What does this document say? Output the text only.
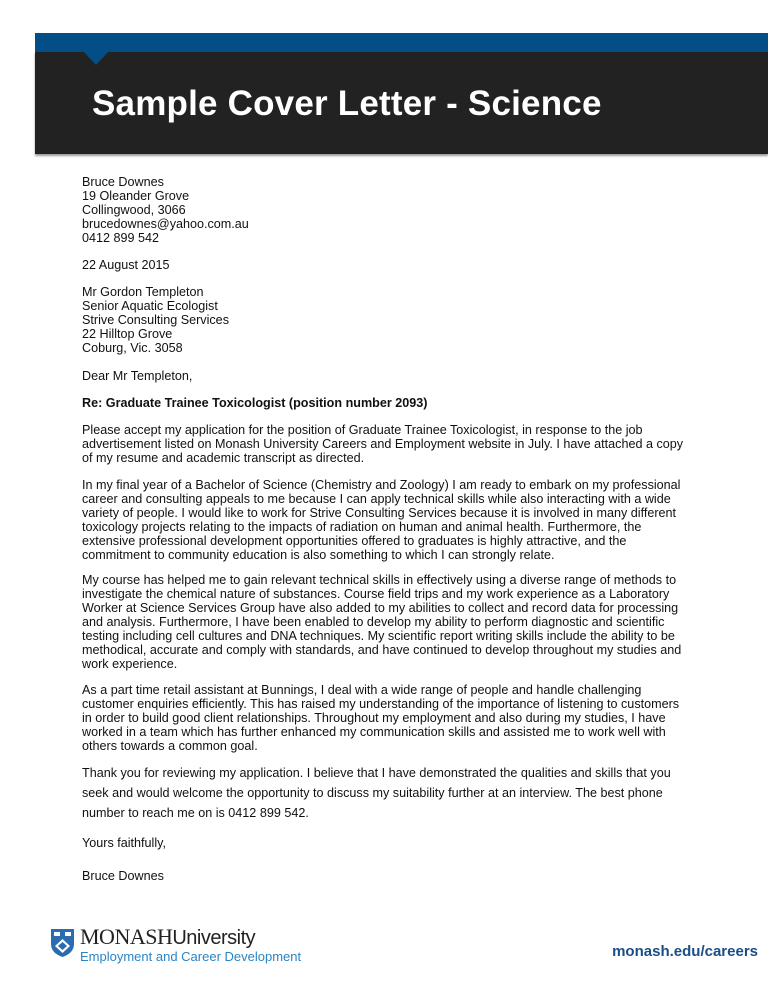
Sample Cover Letter - Science
Bruce Downes
19 Oleander Grove
Collingwood, 3066
brucedownes@yahoo.com.au
0412 899 542
22 August 2015
Mr Gordon Templeton
Senior Aquatic Ecologist
Strive Consulting Services
22 Hilltop Grove
Coburg, Vic. 3058
Dear Mr Templeton,
Re: Graduate Trainee Toxicologist (position number 2093)
Please accept my application for the position of Graduate Trainee Toxicologist, in response to the job
advertisement listed on Monash University Careers and Employment website in July. I have attached a copy
of my resume and academic transcript as directed.
In my final year of a Bachelor of Science (Chemistry and Zoology) I am ready to embark on my professional
career and consulting appeals to me because I can apply technical skills while also interacting with a wide
variety of people. I would like to work for Strive Consulting Services because it is involved in many different
toxicology projects relating to the impacts of radiation on human and animal health. Furthermore, the
extensive professional development opportunities offered to graduates is highly attractive, and the
commitment to community education is also something to which I can strongly relate.
My course has helped me to gain relevant technical skills in effectively using a diverse range of methods to
investigate the chemical nature of substances. Course field trips and my work experience as a Laboratory
Worker at Science Services Group have also added to my abilities to collect and record data for processing
and analysis. Furthermore, I have been enabled to develop my ability to perform diagnostic and scientific
testing including cell cultures and DNA techniques. My scientific report writing skills include the ability to be
methodical, accurate and comply with standards, and have continued to develop throughout my studies and
work experience.
As a part time retail assistant at Bunnings, I deal with a wide range of people and handle challenging
customer enquiries efficiently. This has raised my understanding of the importance of listening to customers
in order to build good client relationships. Throughout my employment and also during my studies, I have
worked in a team which has further enhanced my communication skills and assisted me to work well with
others towards a common goal.
Thank you for reviewing my application. I believe that I have demonstrated the qualities and skills that you
seek and would welcome the opportunity to discuss my suitability further at an interview. The best phone
number to reach me on is 0412 899 542.
Yours faithfully,
Bruce Downes
MONASHUniversity
Employment and Career Development	monash.edu/careers
